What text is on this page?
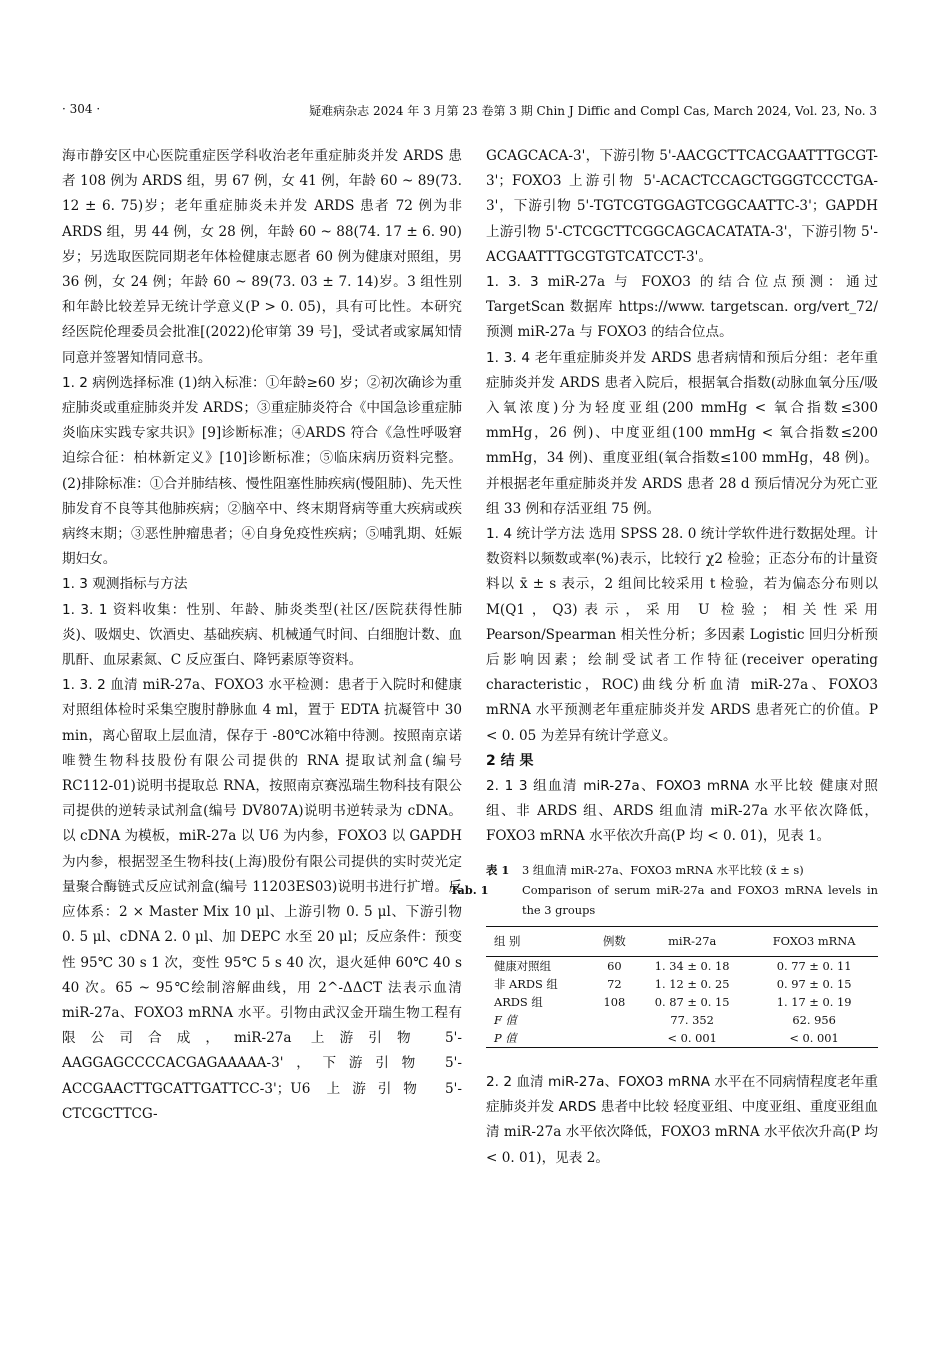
· 304 ·	疑难病杂志 2024 年 3 月第 23 卷第 3 期 Chin J Diffic and Compl Cas, March 2024, Vol. 23, No. 3

海市静安区中心医院重症医学科收治老年重症肺炎并发 ARDS 患者 108 例为 ARDS 组，男 67 例，女 41 例，年龄 60 ~ 89(73. 12 ± 6. 75)岁；老年重症肺炎未并发 ARDS 患者 72 例为非 ARDS 组，男 44 例，女 28 例，年龄 60 ~ 88(74. 17 ± 6. 90)岁；另选取医院同期老年体检健康志愿者 60 例为健康对照组，男 36 例，女 24 例；年龄 60 ~ 89(73. 03 ± 7. 14)岁。3 组性别和年龄比较差异无统计学意义(P > 0. 05)，具有可比性。本研究经医院伦理委员会批准[(2022)伦审第 39 号]，受试者或家属知情同意并签署知情同意书。

1. 2 病例选择标准 (1)纳入标准：①年龄≥60 岁；②初次确诊为重症肺炎或重症肺炎并发 ARDS；③重症肺炎符合《中国急诊重症肺炎临床实践专家共识》[9]诊断标准；④ARDS 符合《急性呼吸窘迫综合征：柏林新定义》[10]诊断标准；⑤临床病历资料完整。(2)排除标准：①合并肺结核、慢性阻塞性肺疾病(慢阻肺)、先天性肺发育不良等其他肺疾病；②脑卒中、终末期肾病等重大疾病或疾病终末期；③恶性肿瘤患者；④自身免疫性疾病；⑤哺乳期、妊娠期妇女。

1. 3 观测指标与方法

1. 3. 1 资料收集：性别、年龄、肺炎类型(社区/医院获得性肺炎)、吸烟史、饮酒史、基础疾病、机械通气时间、白细胞计数、血肌酐、血尿素氮、C 反应蛋白、降钙素原等资料。

1. 3. 2 血清 miR-27a、FOXO3 水平检测：患者于入院时和健康对照组体检时采集空腹肘静脉血 4 ml，置于 EDTA 抗凝管中 30 min，离心留取上层血清，保存于 -80℃冰箱中待测。按照南京诺唯赞生物科技股份有限公司提供的 RNA 提取试剂盒(编号 RC112-01)说明书提取总 RNA，按照南京赛泓瑞生物科技有限公司提供的逆转录试剂盒(编号 DV807A)说明书逆转录为 cDNA。以 cDNA 为模板，miR-27a 以 U6 为内参，FOXO3 以 GAPDH 为内参，根据翌圣生物科技(上海)股份有限公司提供的实时荧光定量聚合酶链式反应试剂盒(编号 11203ES03)说明书进行扩增。反应体系：2 × Master Mix 10 μl、上游引物 0. 5 μl、下游引物 0. 5 μl、cDNA 2. 0 μl、加 DEPC 水至 20 μl；反应条件：预变性 95℃ 30 s 1 次，变性 95℃ 5 s 40 次，退火延伸 60℃ 40 s 40 次。65 ~ 95℃绘制溶解曲线，用 2^-ΔΔCT 法表示血清 miR-27a、FOXO3 mRNA 水平。引物由武汉金开瑞生物工程有限公司合成，miR-27a 上游引物 5'-AAGGAGCCCCACGAGAAAAA-3'，下游引物 5'-ACCGAACTTGCATTGATTCC-3'；U6 上游引物 5'-CTCGCTTCG-

GCAGCACA-3'，下游引物 5'-AACGCTTCACGAATTTGCGT-3'；FOXO3 上游引物 5'-ACACTCCAGCTGGGTCCCTGA-3'，下游引物 5'-TGTCGTGGAGTCGGCAATTC-3'；GAPDH 上游引物 5'-CTCGCTTCGGCAGCACATATA-3'，下游引物 5'-ACGAATTTGCGTGTCATCCT-3'。

1. 3. 3 miR-27a 与 FOXO3 的结合位点预测：通过 TargetScan 数据库 https://www. targetscan. org/vert_72/预测 miR-27a 与 FOXO3 的结合位点。

1. 3. 4 老年重症肺炎并发 ARDS 患者病情和预后分组：老年重症肺炎并发 ARDS 患者入院后，根据氧合指数(动脉血氧分压/吸入氧浓度)分为轻度亚组(200 mmHg < 氧合指数≤300 mmHg，26 例)、中度亚组(100 mmHg < 氧合指数≤200 mmHg，34 例)、重度亚组(氧合指数≤100 mmHg，48 例)。并根据老年重症肺炎并发 ARDS 患者 28 d 预后情况分为死亡亚组 33 例和存活亚组 75 例。

1. 4 统计学方法 选用 SPSS 28. 0 统计学软件进行数据处理。计数资料以频数或率(%)表示，比较行 χ2 检验；正态分布的计量资料以 x̄ ± s 表示，2 组间比较采用 t 检验，若为偏态分布则以 M(Q1，Q3)表示，采用 U 检验；相关性采用 Pearson/Spearman 相关性分析；多因素 Logistic 回归分析预后影响因素；绘制受试者工作特征(receiver operating characteristic，ROC)曲线分析血清 miR-27a、FOXO3 mRNA 水平预测老年重症肺炎并发 ARDS 患者死亡的价值。P < 0. 05 为差异有统计学意义。

2 结 果

2. 1 3 组血清 miR-27a、FOXO3 mRNA 水平比较 健康对照组、非 ARDS 组、ARDS 组血清 miR-27a 水平依次降低，FOXO3 mRNA 水平依次升高(P 均 < 0. 01)，见表 1。

表 1 3 组血清 miR-27a、FOXO3 mRNA 水平比较 (x̄ ± s)
Tab. 1	Comparison of serum miR-27a and FOXO3 mRNA levels in the 3 groups
组 别	例数	miR-27a	FOXO3 mRNA
健康对照组	60	1. 34 ± 0. 18	0. 77 ± 0. 11
非 ARDS 组	72	1. 12 ± 0. 25	0. 97 ± 0. 15
ARDS 组	108	0. 87 ± 0. 15	1. 17 ± 0. 19
F 值		77. 352	62. 956
P 值		< 0. 001	< 0. 001

2. 2 血清 miR-27a、FOXO3 mRNA 水平在不同病情程度老年重症肺炎并发 ARDS 患者中比较 轻度亚组、中度亚组、重度亚组血清 miR-27a 水平依次降低，FOXO3 mRNA 水平依次升高(P 均 < 0. 01)，见表 2。
